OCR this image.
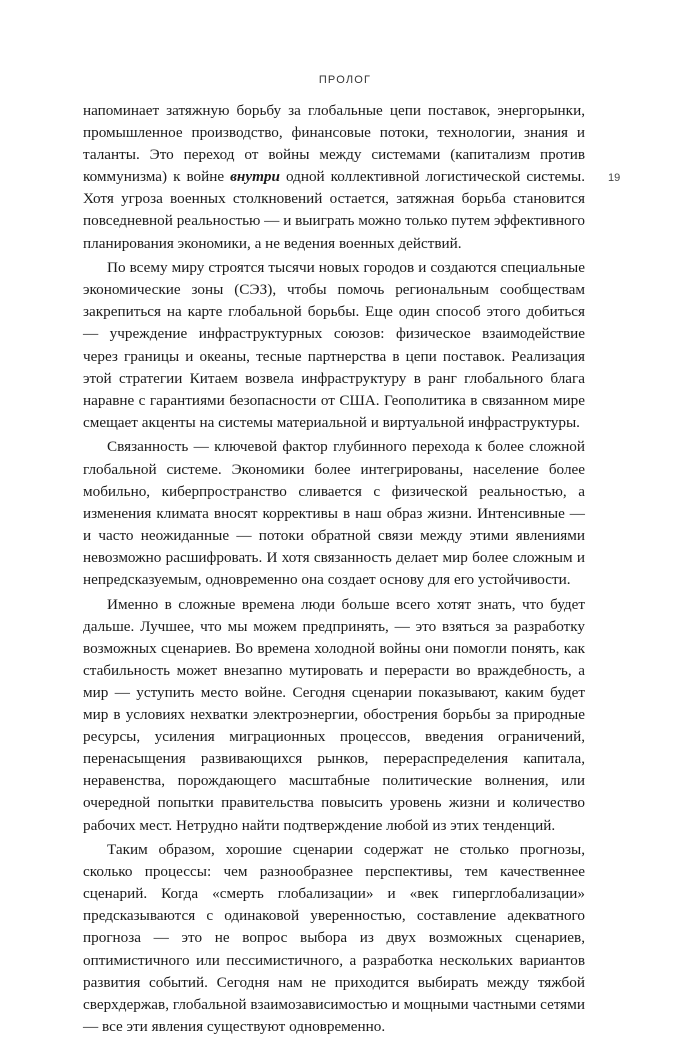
ПРОЛОГ
19

напоминает затяжную борьбу за глобальные цепи поставок, энергорынки, промышленное производство, финансовые потоки, технологии, знания и таланты. Это переход от войны между системами (капитализм против коммунизма) к войне внутри одной коллективной логистической системы. Хотя угроза военных столкновений остается, затяжная борьба становится повседневной реальностью — и выиграть можно только путем эффективного планирования экономики, а не ведения военных действий.

По всему миру строятся тысячи новых городов и создаются специальные экономические зоны (СЭЗ), чтобы помочь региональным сообществам закрепиться на карте глобальной борьбы. Еще один способ этого добиться — учреждение инфраструктурных союзов: физическое взаимодействие через границы и океаны, тесные партнерства в цепи поставок. Реализация этой стратегии Китаем возвела инфраструктуру в ранг глобального блага наравне с гарантиями безопасности от США. Геополитика в связанном мире смещает акценты на системы материальной и виртуальной инфраструктуры.

Связанность — ключевой фактор глубинного перехода к более сложной глобальной системе. Экономики более интегрированы, население более мобильно, киберпространство сливается с физической реальностью, а изменения климата вносят коррективы в наш образ жизни. Интенсивные — и часто неожиданные — потоки обратной связи между этими явлениями невозможно расшифровать. И хотя связанность делает мир более сложным и непредсказуемым, одновременно она создает основу для его устойчивости.

Именно в сложные времена люди больше всего хотят знать, что будет дальше. Лучшее, что мы можем предпринять, — это взяться за разработку возможных сценариев. Во времена холодной войны они помогли понять, как стабильность может внезапно мутировать и перерасти во враждебность, а мир — уступить место войне. Сегодня сценарии показывают, каким будет мир в условиях нехватки электроэнергии, обострения борьбы за природные ресурсы, усиления миграционных процессов, введения ограничений, перенасыщения развивающихся рынков, перераспределения капитала, неравенства, порождающего масштабные политические волнения, или очередной попытки правительства повысить уровень жизни и количество рабочих мест. Нетрудно найти подтверждение любой из этих тенденций.

Таким образом, хорошие сценарии содержат не столько прогнозы, сколько процессы: чем разнообразнее перспективы, тем качественнее сценарий. Когда «смерть глобализации» и «век гиперглобализации» предсказываются с одинаковой уверенностью, составление адекватного прогноза — это не вопрос выбора из двух возможных сценариев, оптимистичного или пессимистичного, а разработка нескольких вариантов развития событий. Сегодня нам не приходится выбирать между тяжбой сверхдержав, глобальной взаимозависимостью и мощными частными сетями — все эти явления существуют одновременно.
